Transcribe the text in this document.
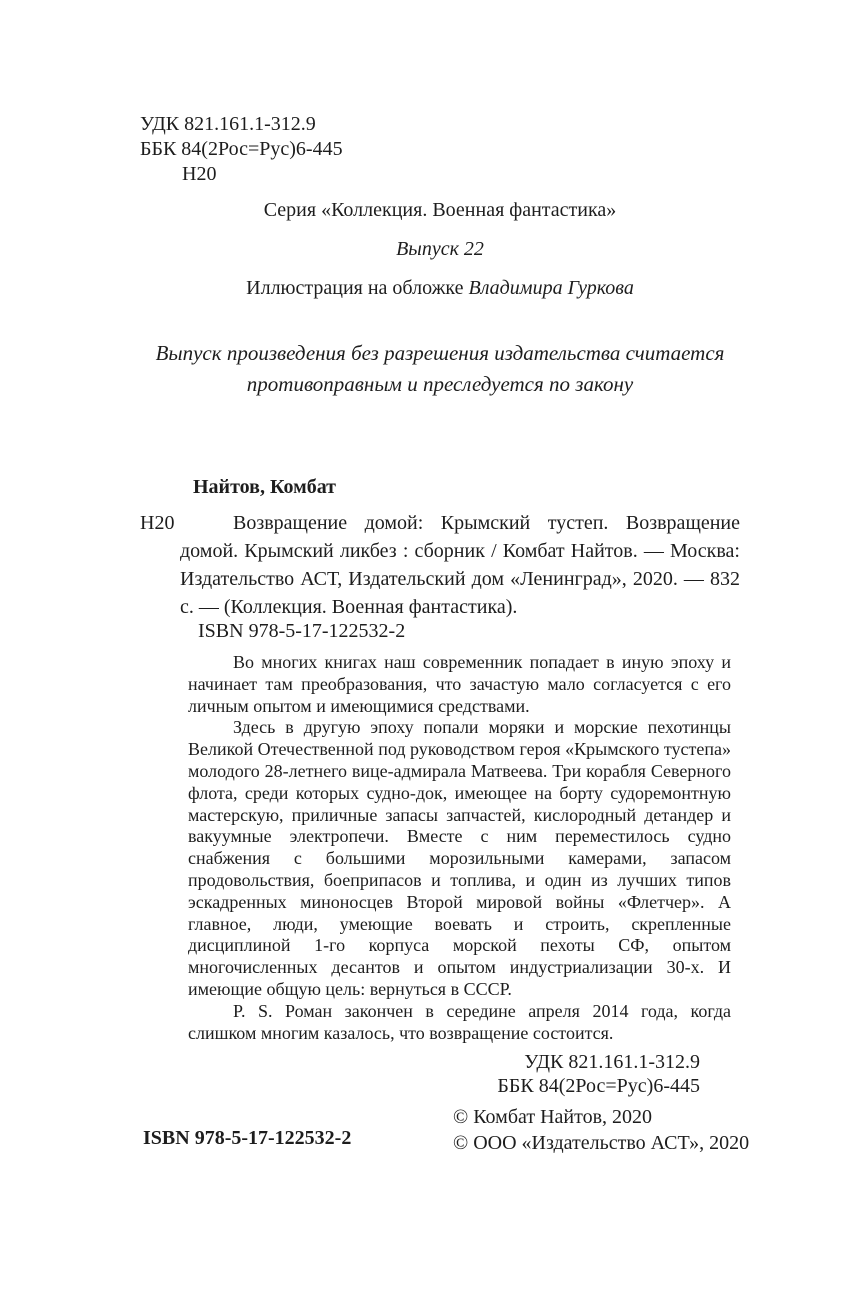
УДК 821.161.1-312.9
ББК 84(2Рос=Рус)6-445
Н20
Серия «Коллекция. Военная фантастика»
Выпуск 22
Иллюстрация на обложке Владимира Гуркова
Выпуск произведения без разрешения издательства считается противоправным и преследуется по закону
Найтов, Комбат
Н20	Возвращение домой: Крымский тустеп. Возвращение домой. Крымский ликбез : сборник / Комбат Найтов. — Москва: Издательство АСТ, Издательский дом «Ленинград», 2020. — 832 с. — (Коллекция. Военная фантастика).
ISBN 978-5-17-122532-2

Во многих книгах наш современник попадает в иную эпоху и начинает там преобразования, что зачастую мало согласуется с его личным опытом и имеющимися средствами.

Здесь в другую эпоху попали моряки и морские пехотинцы Великой Отечественной под руководством героя «Крымского тустепа» молодого 28-летнего вице-адмирала Матвеева. Три корабля Северного флота, среди которых судно-док, имеющее на борту судоремонтную мастерскую, приличные запасы запчастей, кислородный детандер и вакуумные электропечи. Вместе с ним переместилось судно снабжения с большими морозильными камерами, запасом продовольствия, боеприпасов и топлива, и один из лучших типов эскадренных миноносцев Второй мировой войны «Флетчер». А главное, люди, умеющие воевать и строить, скрепленные дисциплиной 1-го корпуса морской пехоты СФ, опытом многочисленных десантов и опытом индустриализации 30-х. И имеющие общую цель: вернуться в СССР.

P. S. Роман закончен в середине апреля 2014 года, когда слишком многим казалось, что возвращение состоится.

УДК 821.161.1-312.9
ББК 84(2Рос=Рус)6-445
ISBN 978-5-17-122532-2
© Комбат Найтов, 2020
© ООО «Издательство АСТ», 2020
